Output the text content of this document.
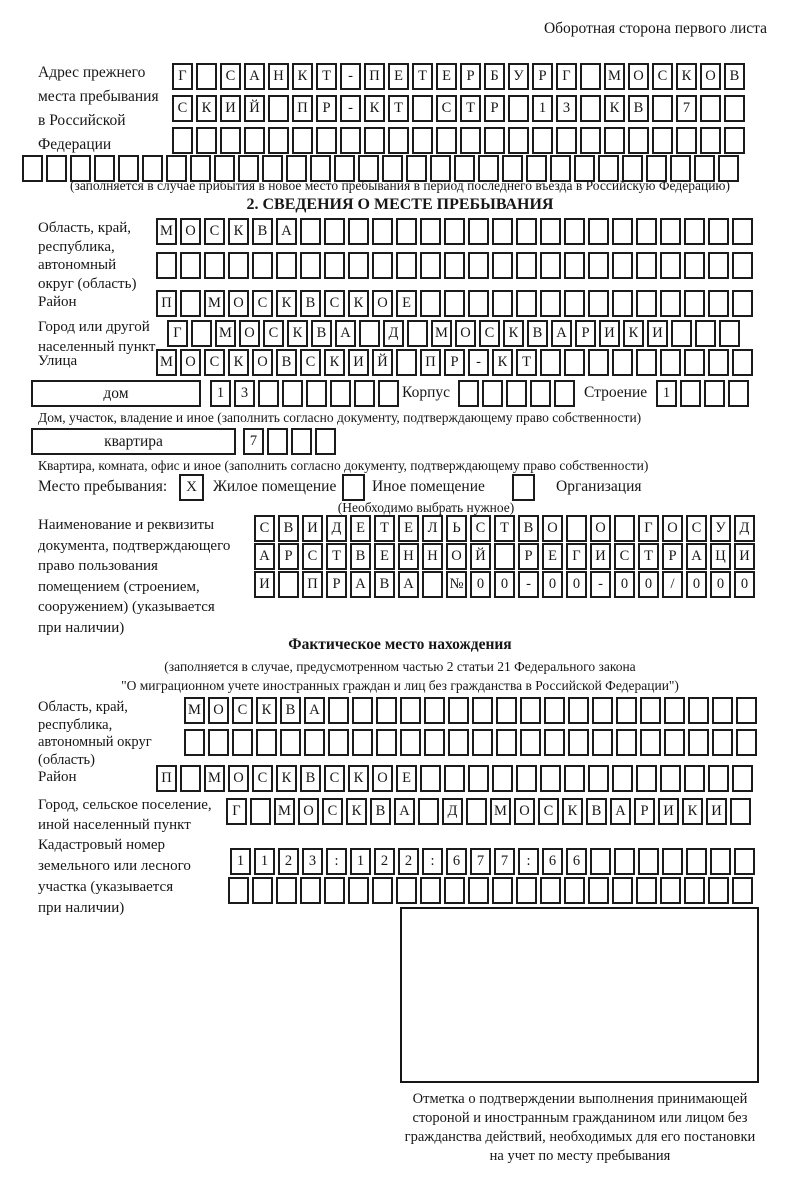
Оборотная сторона первого листа
Адрес прежнего
места пребывания
в Российской
Федерации
Г	С А Н К	Т	-	П Е	Т	Е	Р	Б	У	Р	Г	М О С К О В
С К И Й	П	Р	-	К	Т	С	Т	Р	1	3	К В	7
(заполняется в случае прибытия в новое место пребывания в период последнего въезда в Российскую Федерацию)
2. СВЕДЕНИЯ О МЕСТЕ ПРЕБЫВАНИЯ
Область, край,
республика,
автономный
округ (область)
М О С К В А
Район	П	М О С К В С К О Е
Город или другой
населенный пункт
Г	М О С К В А	Д	М О С К В А	Р	И К И
Улица	М О С К О В С К И Й	П	Р	-	К	Т
дом	1	3	Корпус	Строение	1
Дом, участок, владение и иное (заполнить согласно документу, подтверждающему право собственности)
квартира	7
Квартира, комната, офис и иное (заполнить согласно документу, подтверждающему право собственности)
Место пребывания:	X	Жилое помещение Иное помещение	Организация
(Необходимо выбрать нужное)
Наименование и реквизиты
документа, подтверждающего
право пользования
помещением (строением,
сооружением) (указывается
при наличии)
С В И Д	Е	Т	Е	Л	Ь	С	Т	В О	О	Г	О С У Д
А	Р	С	Т	В	Е Н Н О Й	Р	Е	Г	И С	Т	Р	А Ц И
И	П	Р	А В А	№ 0	0	-	0	0	-	0	0	/	0	0	0
Фактическое место нахождения
(заполняется в случае, предусмотренном частью 2 статьи 21 Федерального закона
"О миграционном учете иностранных граждан и лиц без гражданства в Российской Федерации")
Область, край,
республика,
автономный округ
(область)
М О С К В А
Район	П	М О С К В С К О Е
Город, сельское поселение,
иной населенный пункт
Г	М О С К В А	Д	М О С К В А	Р	И К И
Кадастровый номер
земельного или лесного
участка (указывается
при наличии)
1	1	2	3	:	1	2	2	:	6	7	7	:	6	6
Отметка о подтверждении выполнения принимающей
стороной и иностранным гражданином или лицом без
гражданства действий, необходимых для его постановки
на учет по месту пребывания
